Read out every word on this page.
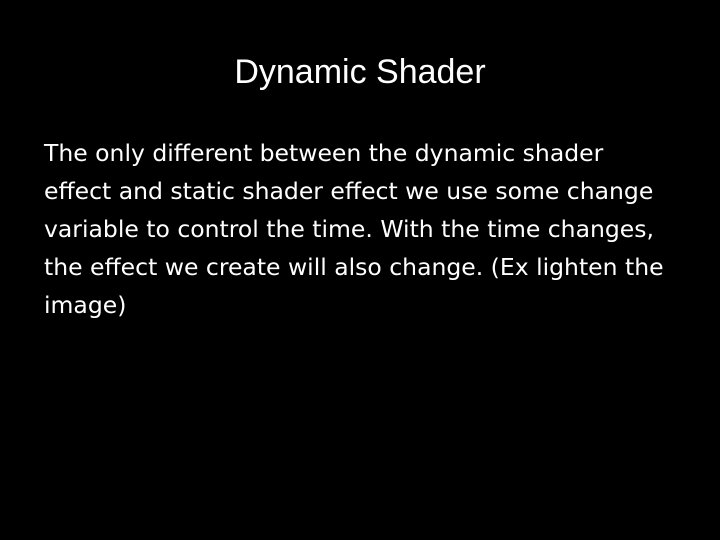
Dynamic Shader

The only different between the dynamic shader effect and static shader effect we use some change variable to control the time. With the time changes, the effect we create will also change. (Ex lighten the image)
